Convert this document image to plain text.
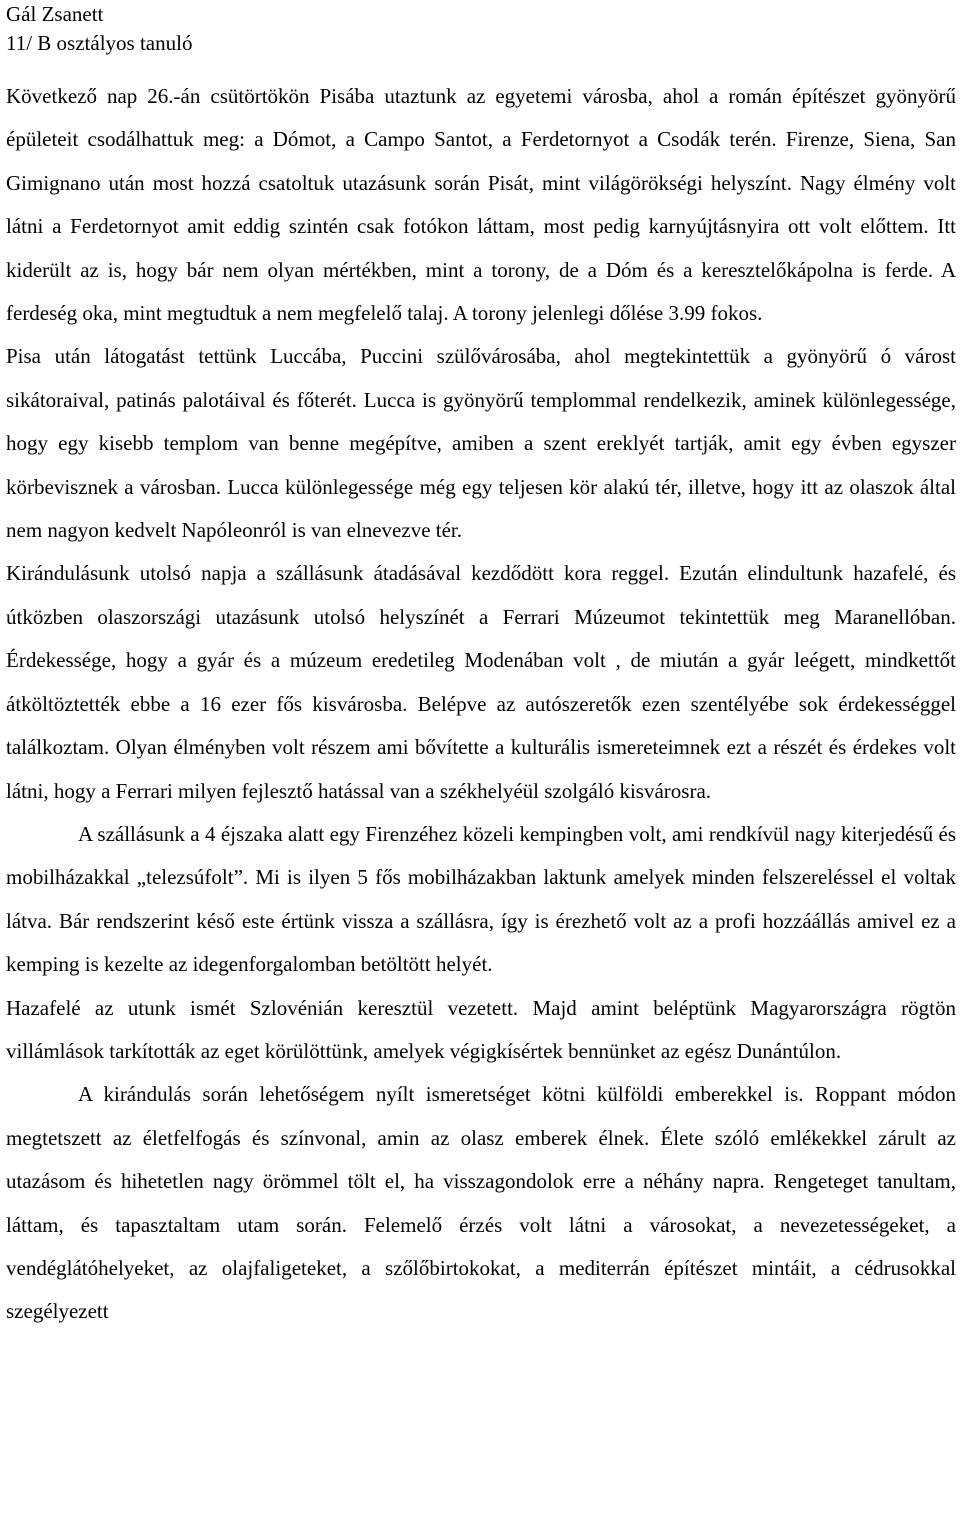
Gál Zsanett
11/ B osztályos tanuló

Következő nap 26.-án csütörtökön Pisába utaztunk az egyetemi városba, ahol a román építészet gyönyörű épületeit csodálhattuk meg: a Dómot, a Campo Santot, a Ferdetornyot a Csodák terén. Firenze, Siena, San Gimignano után most hozzá csatoltuk utazásunk során Pisát, mint világörökségi helyszínt. Nagy élmény volt látni a Ferdetornyot amit eddig szintén csak fotókon láttam, most pedig karnyújtásnyira ott volt előttem. Itt kiderült az is, hogy bár nem olyan mértékben, mint a torony, de a Dóm és a keresztelőkápolna is ferde. A ferdeség oka, mint megtudtuk a nem megfelelő talaj. A torony jelenlegi dőlése 3.99 fokos.

Pisa után látogatást tettünk Luccába, Puccini szülővárosába, ahol megtekintettük a gyönyörű ó várost sikátoraival, patinás palotáival és főterét. Lucca is gyönyörű templommal rendelkezik, aminek különlegessége, hogy egy kisebb templom van benne megépítve, amiben a szent ereklyét tartják, amit egy évben egyszer körbevisznek a városban. Lucca különlegessége még egy teljesen kör alakú tér, illetve, hogy itt az olaszok által nem nagyon kedvelt Napóleonról is van elnevezve tér.

Kirándulásunk utolsó napja a szállásunk átadásával kezdődött kora reggel. Ezután elindultunk hazafelé, és útközben olaszországi utazásunk utolsó helyszínét a Ferrari Múzeumot tekintettük meg Maranellóban. Érdekessége, hogy a gyár és a múzeum eredetileg Modenában volt , de miután a gyár leégett, mindkettőt átköltöztették ebbe a 16 ezer fős kisvárosba. Belépve az autószeretők ezen szentélyébe sok érdekességgel találkoztam. Olyan élményben volt részem ami bővítette a kulturális ismereteimnek ezt a részét és érdekes volt látni, hogy a Ferrari milyen fejlesztő hatással van a székhelyéül szolgáló kisvárosra.

A szállásunk a 4 éjszaka alatt egy Firenzéhez közeli kempingben volt, ami rendkívül nagy kiterjedésű és mobilházakkal „telezsúfolt”. Mi is ilyen 5 fős mobilházakban laktunk amelyek minden felszereléssel el voltak látva. Bár rendszerint késő este értünk vissza a szállásra, így is érezhető volt az a profi hozzáállás amivel ez a kemping is kezelte az idegenforgalomban betöltött helyét.

Hazafelé az utunk ismét Szlovénián keresztül vezetett. Majd amint beléptünk Magyarországra rögtön villámlások tarkították az eget körülöttünk, amelyek végigkísértek bennünket az egész Dunántúlon.

A kirándulás során lehetőségem nyílt ismeretséget kötni külföldi emberekkel is. Roppant módon megtetszett az életfelfogás és színvonal, amin az olasz emberek élnek. Élete szóló emlékekkel zárult az utazásom és hihetetlen nagy örömmel tölt el, ha visszagondolok erre a néhány napra. Rengeteget tanultam, láttam, és tapasztaltam utam során. Felemelő érzés volt látni a városokat, a nevezetességeket, a vendéglátóhelyeket, az olajfaligeteket, a szőlőbirtokokat, a mediterrán építészet mintáit, a cédrusokkal szegélyezett
